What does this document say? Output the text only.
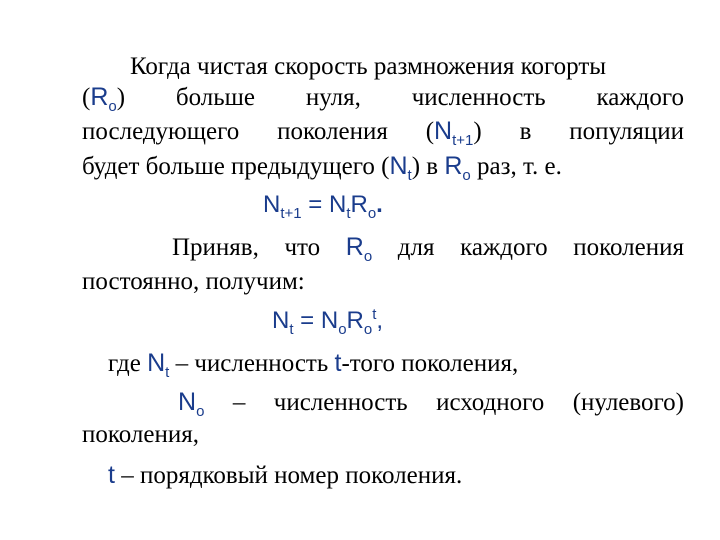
Когда чистая скорость размножения когорты
$(R_o)$ больше нуля, численность каждого
последующего поколения $(N_{t+1})$ в популяции
будет больше предыдущего $(N_t)$ в $R_o$ раз, т. е.
$N_{t+1} = N_tR_o$.
Приняв, что $R_o$ для каждого поколения
постоянно, получим:
$N_t = N_oR_o^t$,
где $N_t$ – численность t-того поколения,
$N_o$ – численность исходного (нулевого)
поколения,
t – порядковый номер поколения.
